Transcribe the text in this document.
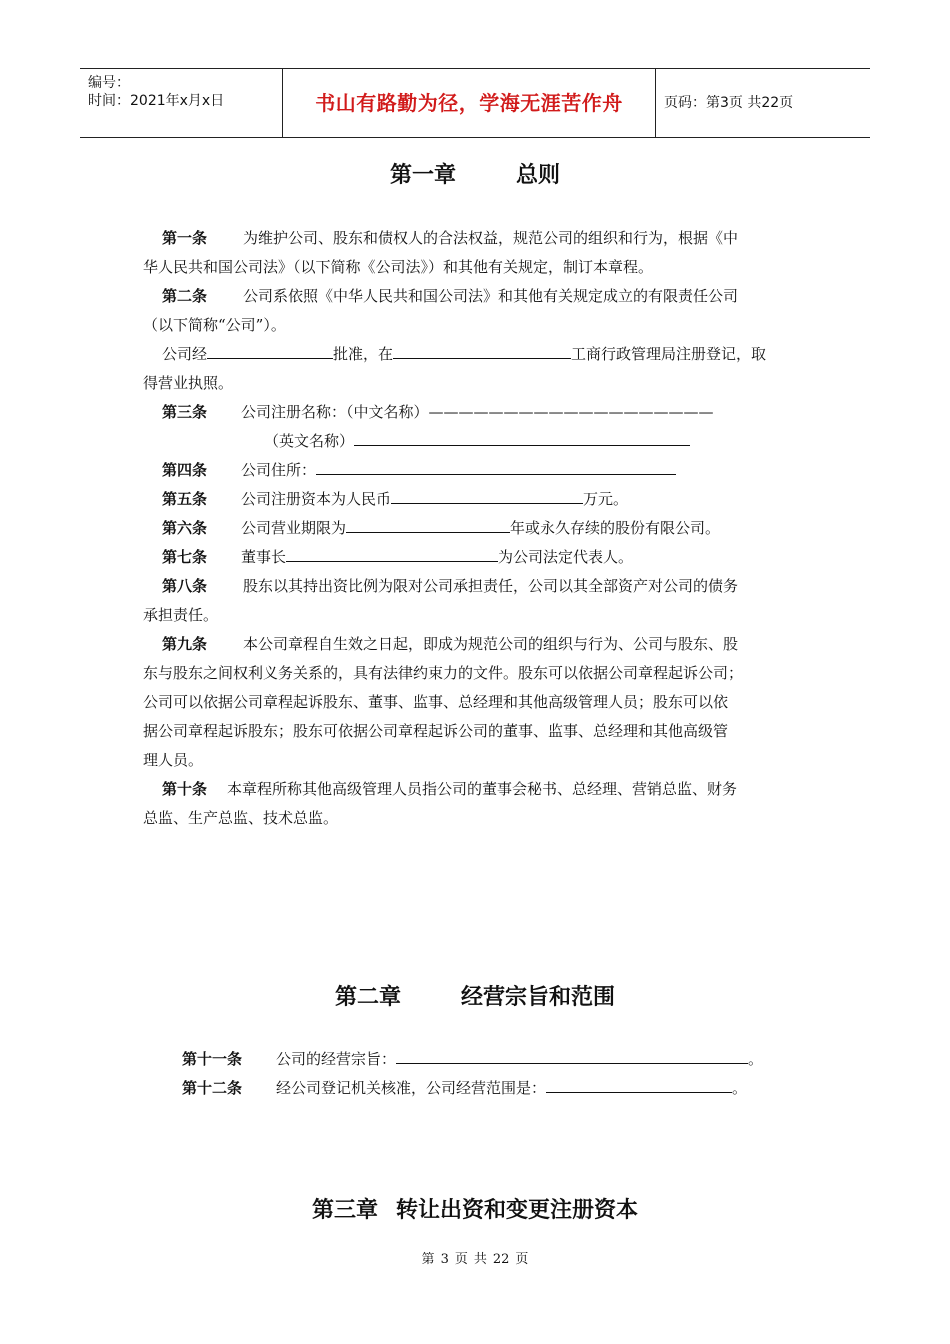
编号：
时间：2021年x月x日	书山有路勤为径，学海无涯苦作舟	页码：第3页 共22页
第一章	总则
第一条 为维护公司、股东和债权人的合法权益，规范公司的组织和行为，根据《中
华人民共和国公司法》（以下简称《公司法》）和其他有关规定，制订本章程。
第二条 公司系依照《中华人民共和国公司法》和其他有关规定成立的有限责任公司
（以下简称“公司”）。
公司经	批准，在	工商行政管理局注册登记，取
得营业执照。
第三条 公司注册名称：（中文名称）———————————————————
（英文名称）
第四条 公司住所：
第五条 公司注册资本为人民币	万元。
第六条 公司营业期限为	年或永久存续的股份有限公司。
第七条 董事长	为公司法定代表人。
第八条 股东以其持出资比例为限对公司承担责任，公司以其全部资产对公司的债务
承担责任。
第九条 本公司章程自生效之日起，即成为规范公司的组织与行为、公司与股东、股
东与股东之间权利义务关系的，具有法律约束力的文件。股东可以依据公司章程起诉公司；
公司可以依据公司章程起诉股东、董事、监事、总经理和其他高级管理人员；股东可以依
据公司章程起诉股东；股东可依据公司章程起诉公司的董事、监事、总经理和其他高级管
理人员。
第十条 本章程所称其他高级管理人员指公司的董事会秘书、总经理、营销总监、财务
总监、生产总监、技术总监。
第二章	经营宗旨和范围
第十一条 公司的经营宗旨：	。
第十二条 经公司登记机关核准，公司经营范围是：	。
第三章 转让出资和变更注册资本
第 3 页 共 22 页
